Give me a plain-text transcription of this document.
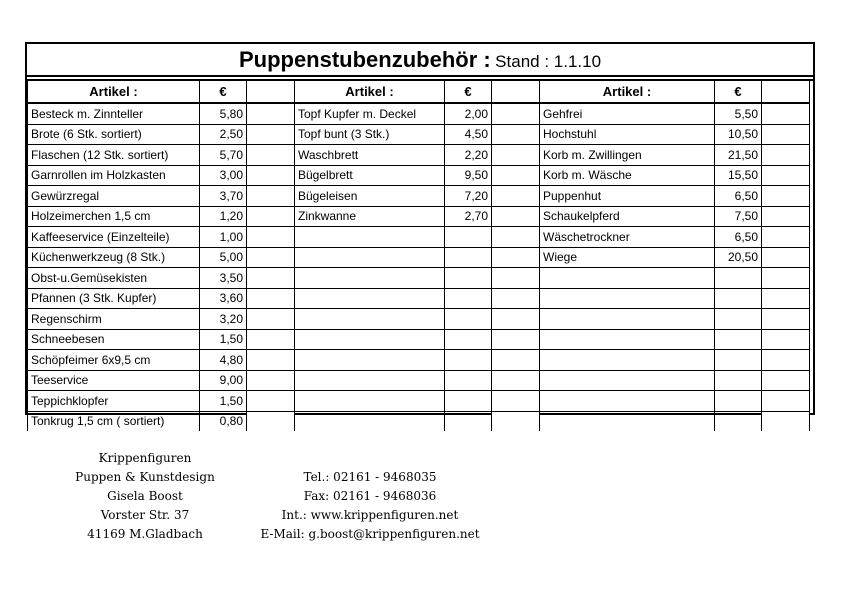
Puppenstubenzubehör : Stand : 1.1.10
Artikel :	€		Artikel :	€		Artikel :	€	
Besteck m. Zinnteller	5,80		Topf Kupfer m. Deckel	2,00		Gehfrei	5,50	
Brote (6 Stk. sortiert)	2,50		Topf bunt (3 Stk.)	4,50		Hochstuhl	10,50	
Flaschen (12 Stk. sortiert)	5,70		Waschbrett	2,20		Korb m. Zwillingen	21,50	
Garnrollen im Holzkasten	3,00		Bügelbrett	9,50		Korb m. Wäsche	15,50	
Gewürzregal	3,70		Bügeleisen	7,20		Puppenhut	6,50	
Holzeimerchen 1,5 cm	1,20		Zinkwanne	2,70		Schaukelpferd	7,50	
Kaffeeservice (Einzelteile)	1,00					Wäschetrockner	6,50	
Küchenwerkzeug (8 Stk.)	5,00					Wiege	20,50	
Obst-u.Gemüsekisten	3,50							
Pfannen (3 Stk. Kupfer)	3,60							
Regenschirm	3,20							
Schneebesen	1,50							
Schöpfeimer 6x9,5 cm	4,80							
Teeservice	9,00							
Teppichklopfer	1,50							
Tonkrug 1,5 cm ( sortiert)	0,80							
Krippenfiguren
Puppen & Kunstdesign
Gisela Boost
Vorster Str. 37
41169 M.Gladbach
Tel.: 02161 - 9468035
Fax: 02161 - 9468036
Int.: www.krippenfiguren.net
E-Mail: g.boost@krippenfiguren.net
